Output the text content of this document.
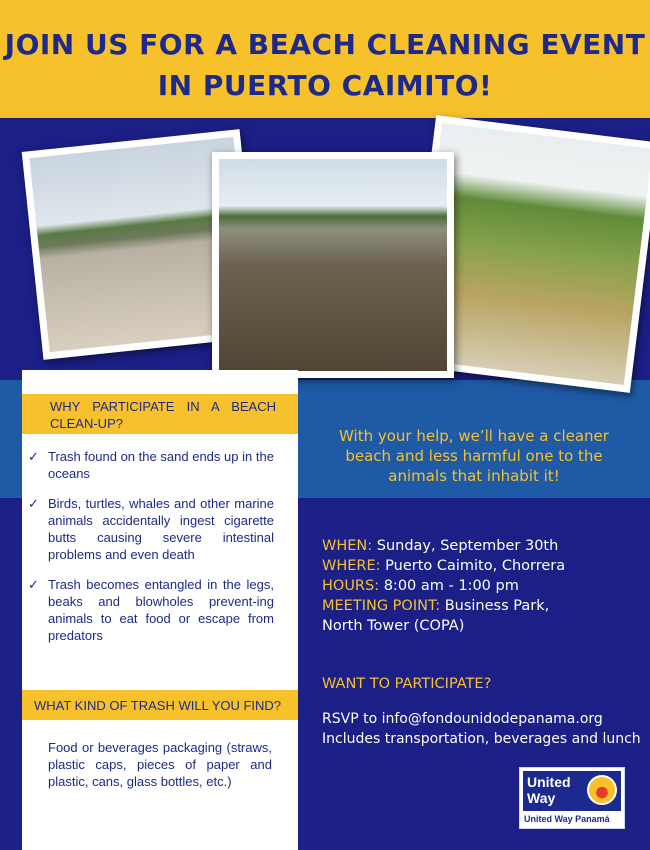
JOIN US FOR A BEACH CLEANING EVENT
IN PUERTO CAIMITO!
WHY PARTICIPATE IN A BEACH CLEAN-UP?
✓ Trash found on the sand ends up in the oceans
✓ Birds, turtles, whales and other marine animals accidentally ingest cigarette butts causing severe intestinal problems and even death
✓ Trash becomes entangled in the legs, beaks and blowholes prevent-ing animals to eat food or escape from predators
WHAT KIND OF TRASH WILL YOU FIND?

Food or beverages packaging (straws, plastic caps, pieces of paper and plastic, cans, glass bottles, etc.)

With your help, we’ll have a cleaner beach and less harmful one to the animals that inhabit it!

WHEN: Sunday, September 30th
WHERE: Puerto Caimito, Chorrera
HOURS: 8:00 am - 1:00 pm
MEETING POINT: Business Park,
North Tower (COPA)

WANT TO PARTICIPATE?

RSVP to info@fondounidodepanama.org
Includes transportation, beverages and lunch

United
Way
United Way Panamá
